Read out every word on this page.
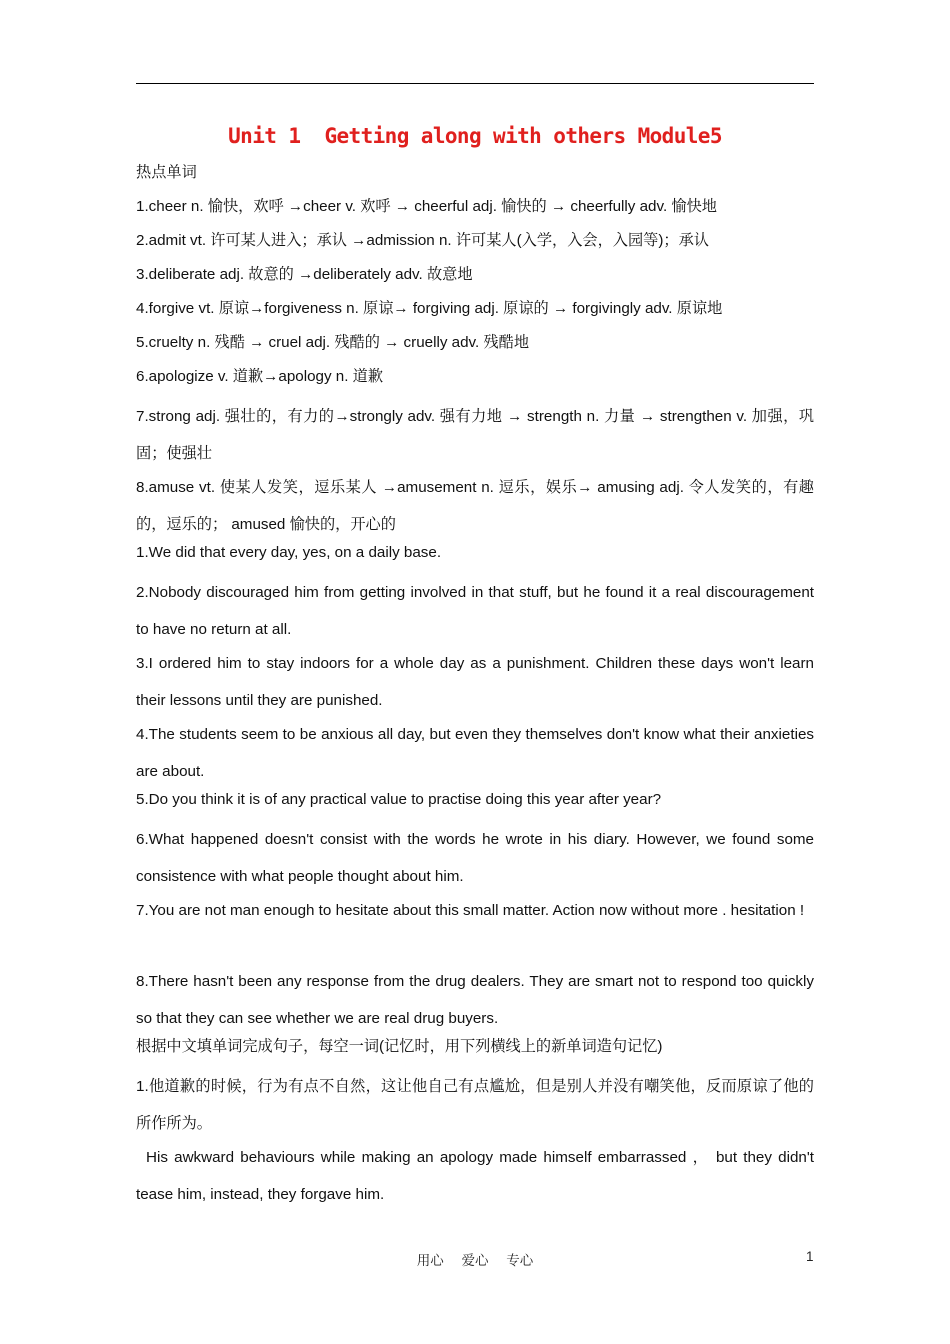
Unit 1  Getting along with others Module5
热点单词
1.cheer n. 愉快，欢呼 →cheer v. 欢呼 → cheerful adj. 愉快的 → cheerfully adv. 愉快地
2.admit vt. 许可某人进入；承认 →admission n. 许可某人(入学，入会，入园等)；承认
3.deliberate adj. 故意的 →deliberately adv. 故意地
4.forgive vt. 原谅→forgiveness n. 原谅→ forgiving adj. 原谅的 → forgivingly adv. 原谅地
5.cruelty n. 残酷 → cruel adj. 残酷的 → cruelly adv. 残酷地
6.apologize v. 道歉→apology n. 道歉
7.strong adj. 强壮的，有力的→strongly adv. 强有力地 → strength n. 力量 → strengthen v. 加强，巩固；使强壮
8.amuse vt. 使某人发笑，逗乐某人 →amusement n. 逗乐，娱乐→ amusing adj. 令人发笑的，有趣的，逗乐的； amused 愉快的，开心的
1.We did that every day, yes, on a daily base.
2.Nobody discouraged him from getting involved in that stuff, but he found it a real discouragement to have no return at all.
3.I ordered him to stay indoors for a whole day as a punishment. Children these days won't learn their lessons until they are punished.
4.The students seem to be anxious all day, but even they themselves don't know what their anxieties are about.
5.Do you think it is of any practical value to practise doing this year after year?
6.What happened doesn't consist with the words he wrote in his diary. However, we found some consistence with what people thought about him.
7.You are not man enough to hesitate about this small matter. Action now without more . hesitation !
8.There hasn't been any response from the drug dealers. They are smart not to respond too quickly so that they can see whether we are real drug buyers.
根据中文填单词完成句子，每空一词(记忆时，用下列横线上的新单词造句记忆)
1.他道歉的时候，行为有点不自然，这让他自己有点尴尬，但是别人并没有嘲笑他，反而原谅了他的所作所为。
His awkward behaviours while making an apology made himself embarrassed ， but they didn't tease him, instead, they forgave him.
用心 爱心 专心	1
